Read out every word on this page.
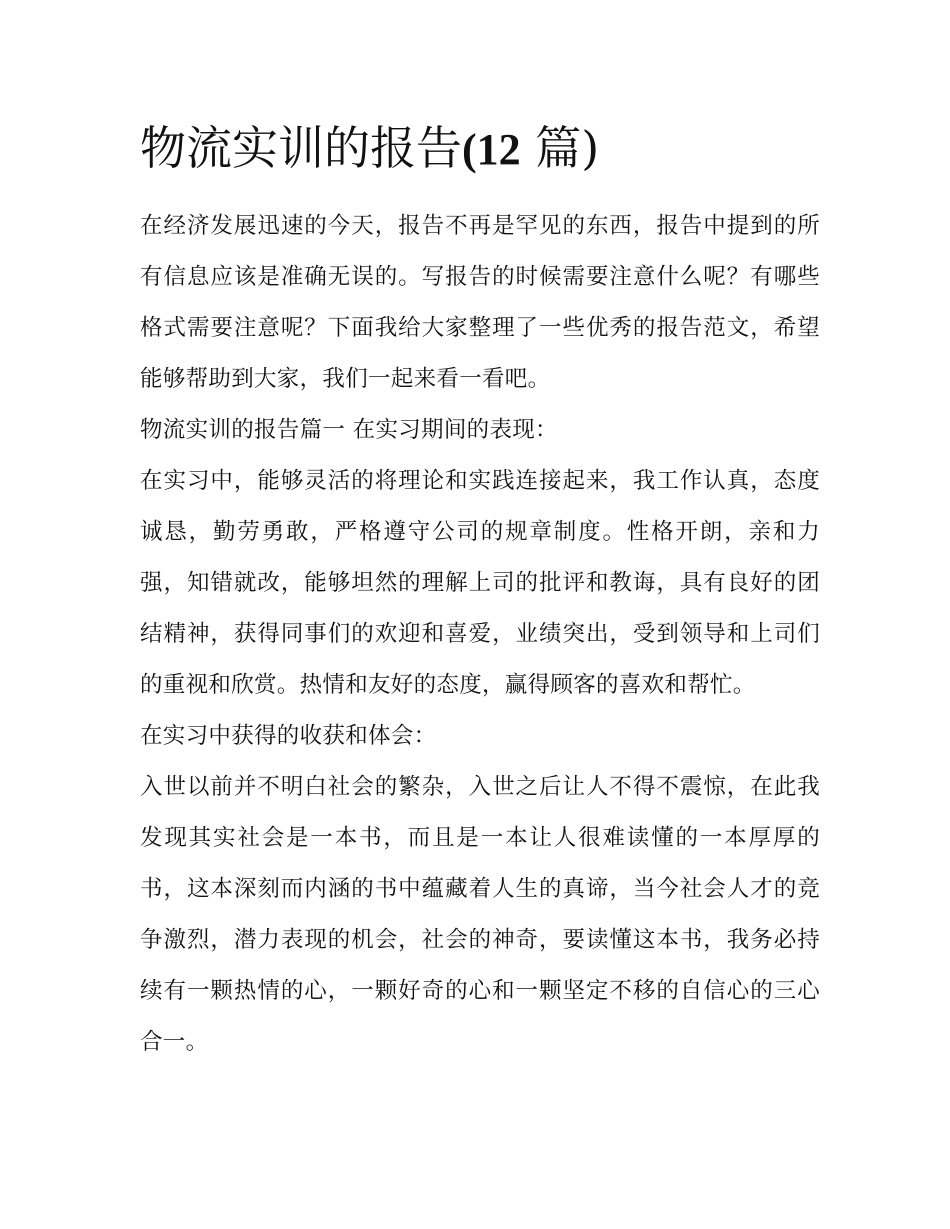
物流实训的报告(12 篇)

在经济发展迅速的今天，报告不再是罕见的东西，报告中提到的所有信息应该是准确无误的。写报告的时候需要注意什么呢？有哪些格式需要注意呢？下面我给大家整理了一些优秀的报告范文，希望能够帮助到大家，我们一起来看一看吧。

物流实训的报告篇一 在实习期间的表现：

在实习中，能够灵活的将理论和实践连接起来，我工作认真，态度诚恳，勤劳勇敢，严格遵守公司的规章制度。性格开朗，亲和力强，知错就改，能够坦然的理解上司的批评和教诲，具有良好的团结精神，获得同事们的欢迎和喜爱，业绩突出，受到领导和上司们的重视和欣赏。热情和友好的态度，赢得顾客的喜欢和帮忙。

在实习中获得的收获和体会：

入世以前并不明白社会的繁杂，入世之后让人不得不震惊，在此我发现其实社会是一本书，而且是一本让人很难读懂的一本厚厚的书，这本深刻而内涵的书中蕴藏着人生的真谛，当今社会人才的竞争激烈，潜力表现的机会，社会的神奇，要读懂这本书，我务必持续有一颗热情的心，一颗好奇的心和一颗坚定不移的自信心的三心合一。
